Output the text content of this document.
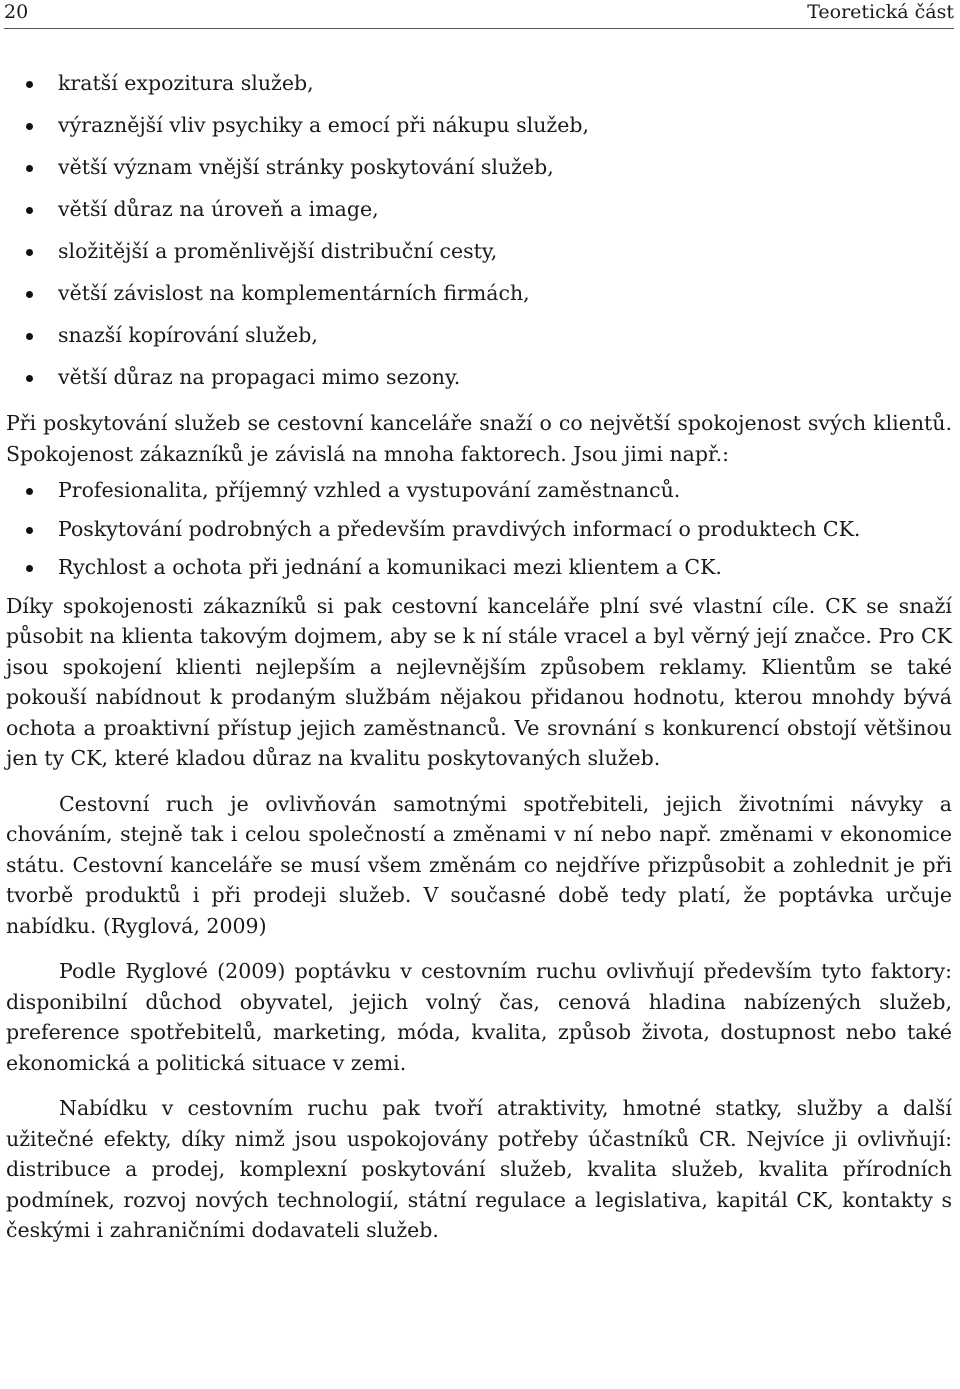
20	Teoretická část
kratší expozitura služeb,
výraznější vliv psychiky a emocí při nákupu služeb,
větší význam vnější stránky poskytování služeb,
větší důraz na úroveň a image,
složitější a proměnlivější distribuční cesty,
větší závislost na komplementárních firmách,
snazší kopírování služeb,
větší důraz na propagaci mimo sezony.

Při poskytování služeb se cestovní kanceláře snaží o co největší spokojenost svých klientů. Spokojenost zákazníků je závislá na mnoha faktorech. Jsou jimi např.:

Profesionalita, příjemný vzhled a vystupování zaměstnanců.
Poskytování podrobných a především pravdivých informací o produktech CK.
Rychlost a ochota při jednání a komunikaci mezi klientem a CK.

Díky spokojenosti zákazníků si pak cestovní kanceláře plní své vlastní cíle. CK se snaží působit na klienta takovým dojmem, aby se k ní stále vracel a byl věrný její značce. Pro CK jsou spokojení klienti nejlepším a nejlevnějším způsobem reklamy. Klientům se také pokouší nabídnout k prodaným službám nějakou přidanou hodnotu, kterou mnohdy bývá ochota a proaktivní přístup jejich zaměstnanců. Ve srovnání s konkurencí obstojí většinou jen ty CK, které kladou důraz na kvalitu poskytovaných služeb.

Cestovní ruch je ovlivňován samotnými spotřebiteli, jejich životními návyky a chováním, stejně tak i celou společností a změnami v ní nebo např. změnami v ekonomice státu. Cestovní kanceláře se musí všem změnám co nejdříve přizpůsobit a zohlednit je při tvorbě produktů i při prodeji služeb. V současné době tedy platí, že poptávka určuje nabídku. (Ryglová, 2009)

Podle Ryglové (2009) poptávku v cestovním ruchu ovlivňují především tyto faktory: disponibilní důchod obyvatel, jejich volný čas, cenová hladina nabízených služeb, preference spotřebitelů, marketing, móda, kvalita, způsob života, dostupnost nebo také ekonomická a politická situace v zemi.

Nabídku v cestovním ruchu pak tvoří atraktivity, hmotné statky, služby a další užitečné efekty, díky nimž jsou uspokojovány potřeby účastníků CR. Nejvíce ji ovlivňují: distribuce a prodej, komplexní poskytování služeb, kvalita služeb, kvalita přírodních podmínek, rozvoj nových technologií, státní regulace a legislativa, kapitál CK, kontakty s českými i zahraničními dodavateli služeb.
